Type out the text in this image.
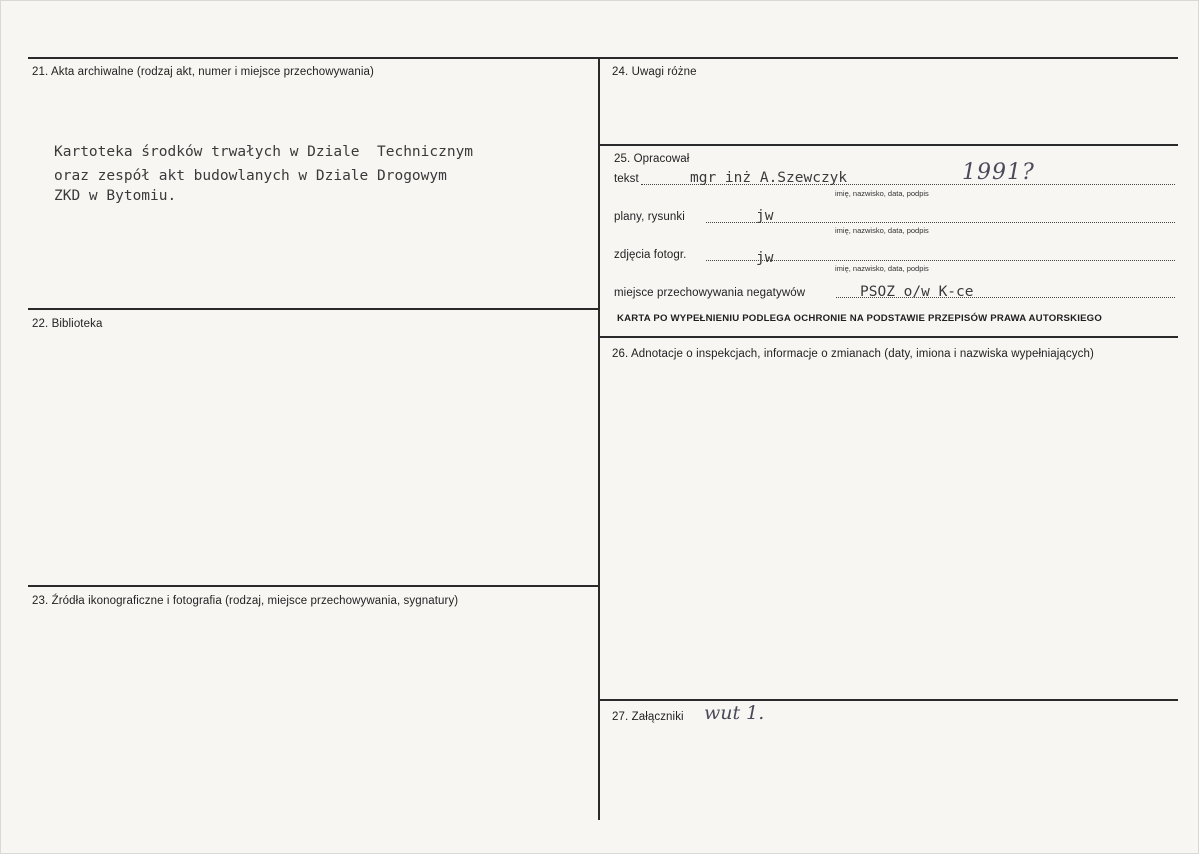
21. Akta archiwalne (rodzaj akt, numer i miejsce przechowywania)
Kartoteka środków trwałych w Dziale  Technicznym
oraz zespół akt budowlanych w Dziale Drogowym
ZKD w Bytomiu.
22. Biblioteka
23. Źródła ikonograficzne i fotografia (rodzaj, miejsce przechowywania, sygnatury)
24. Uwagi różne
25. Opracował
tekst	mgr inż A.Szewczyk	1991?
imię, nazwisko, data, podpis
plany, rysunki	jw
imię, nazwisko, data, podpis
zdjęcia fotogr.	jw
imię, nazwisko, data, podpis
miejsce przechowywania negatywów	PSOZ o/w K-ce
KARTA PO WYPEŁNIENIU PODLEGA OCHRONIE NA PODSTAWIE PRZEPISÓW PRAWA AUTORSKIEGO
26. Adnotacje o inspekcjach, informacje o zmianach (daty, imiona i nazwiska wypełniających)
27. Załączniki wut 1.
